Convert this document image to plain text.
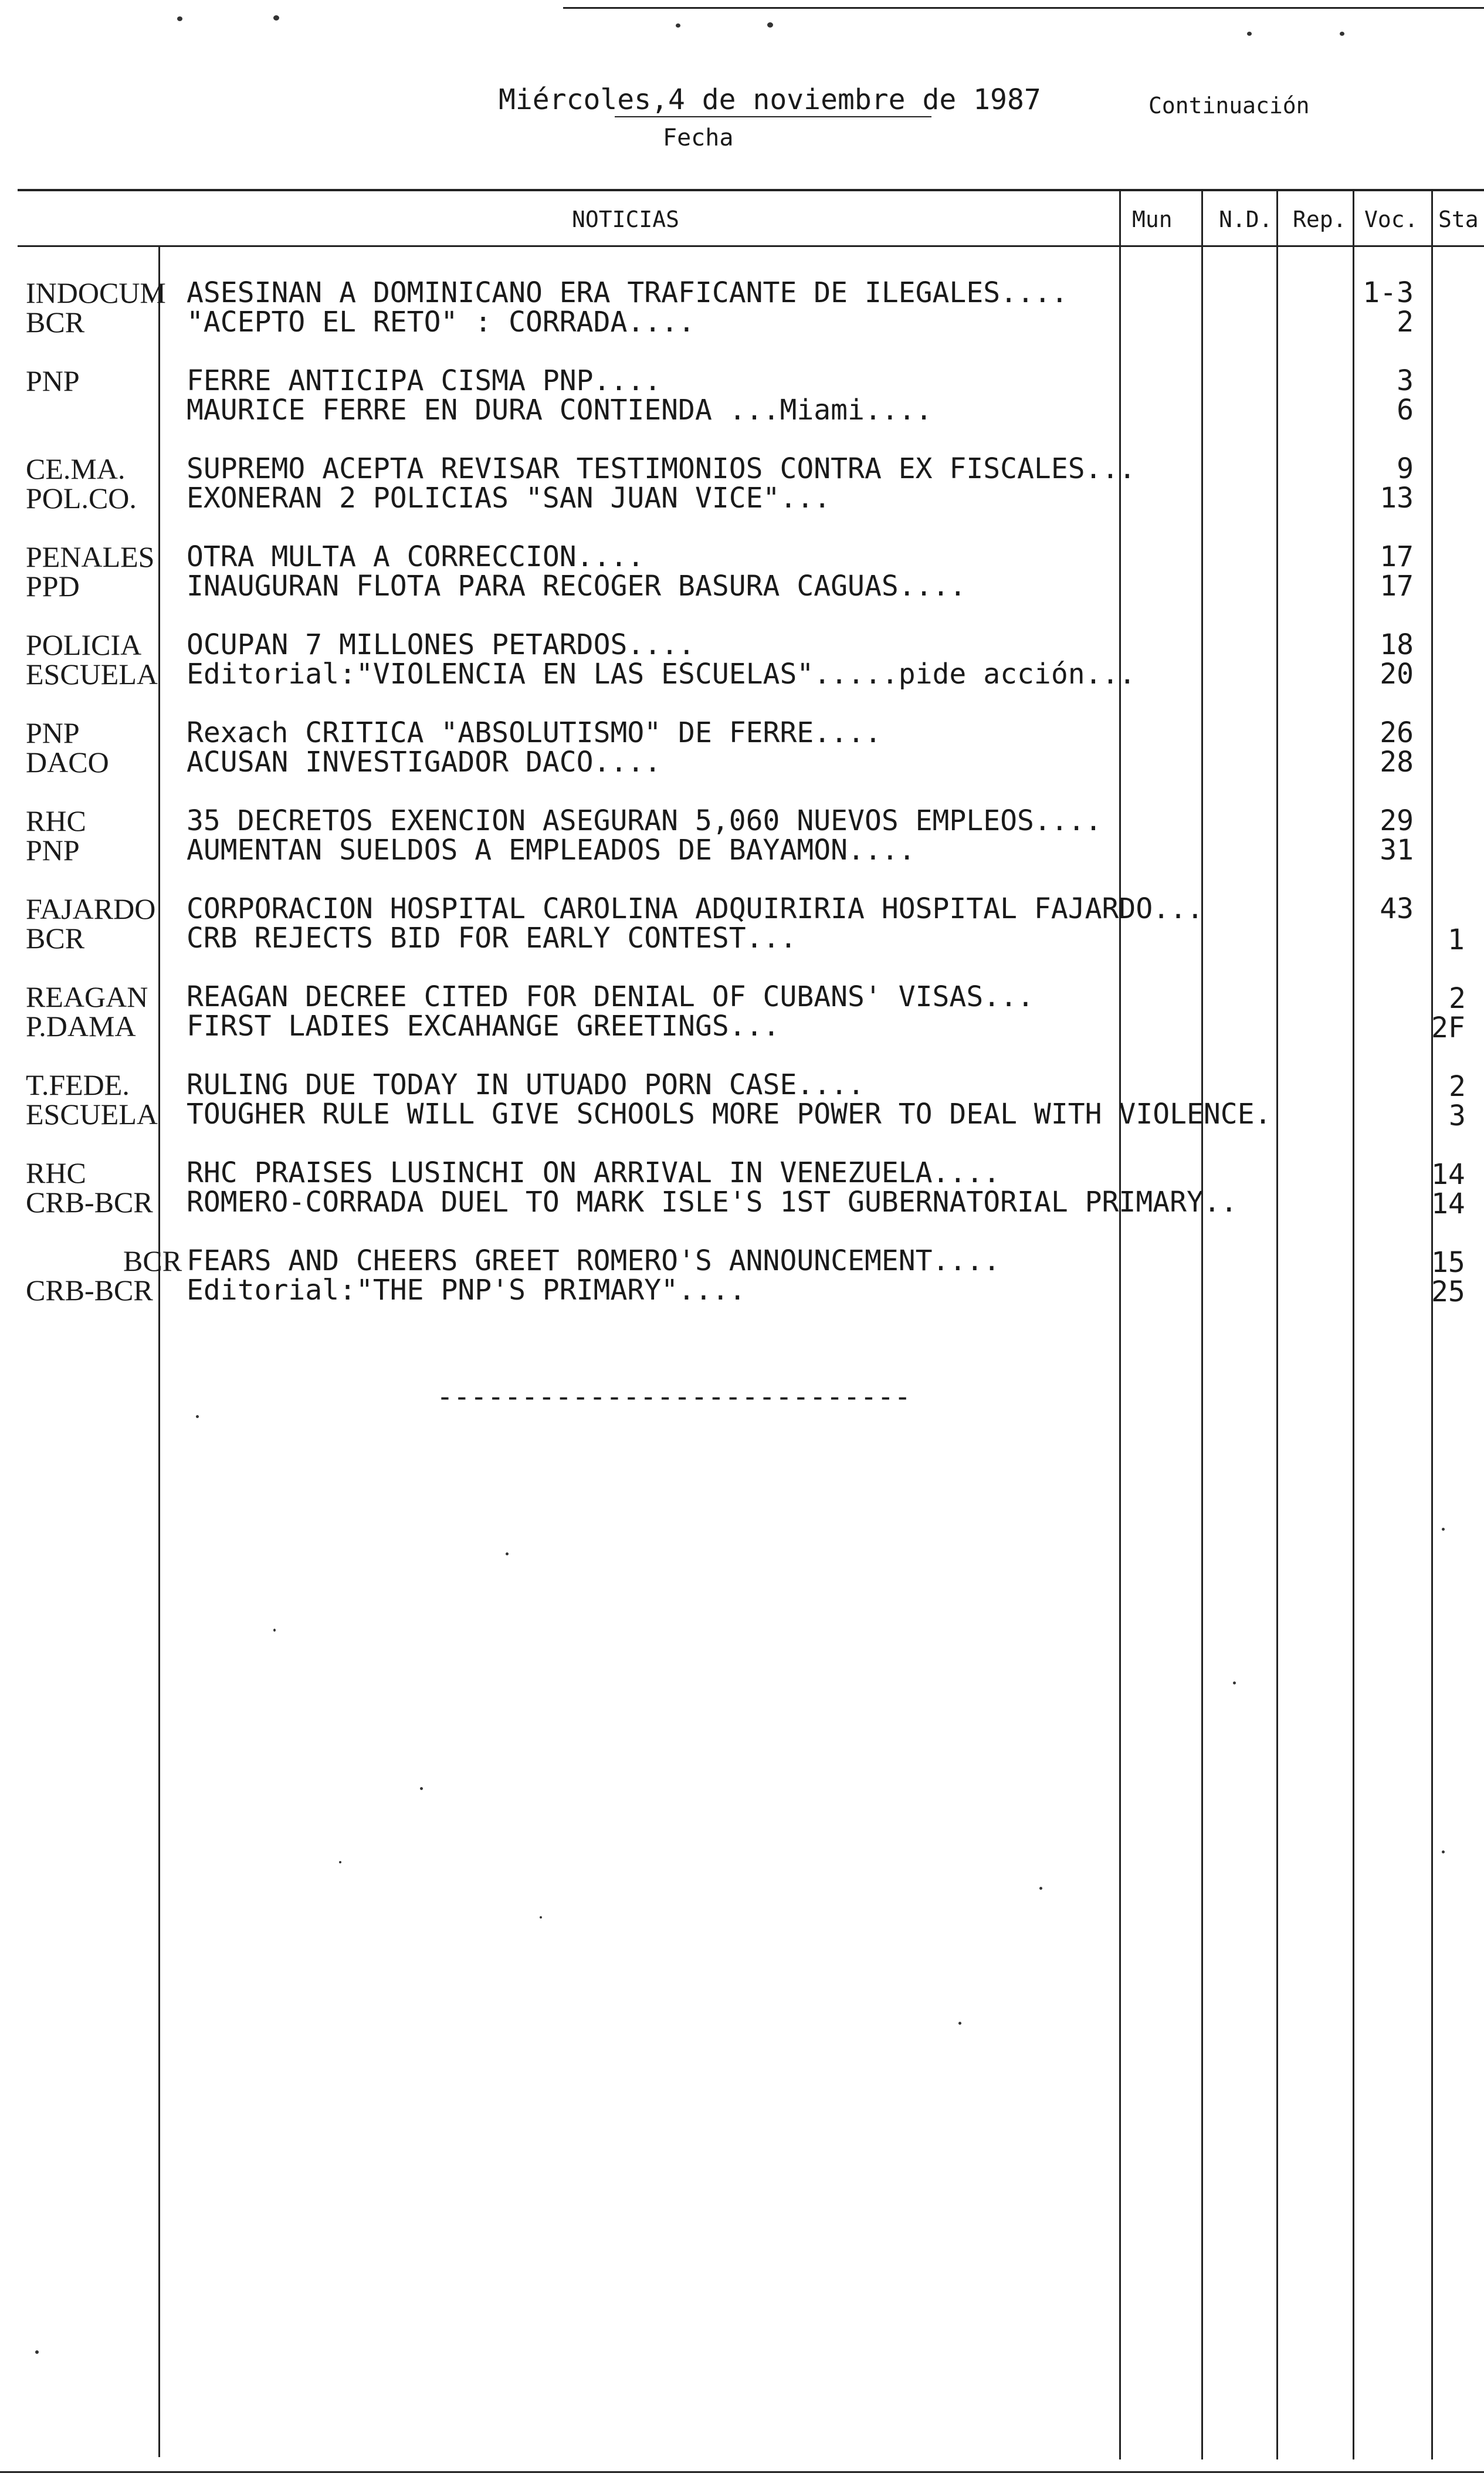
Miércoles,4 de noviembre de 1987
Fecha
Continuación
NOTICIAS	Mun N.D. Rep. Voc. Sta
INDOCUM ASESINAN A DOMINICANO ERA TRAFICANTE DE ILEGALES....	1-3
BCR	"ACEPTO EL RETO" : CORRADA....	2
PNP	FERRE ANTICIPA CISMA PNP....	3
MAURICE FERRE EN DURA CONTIENDA ...Miami....	6
CE.MA. SUPREMO ACEPTA REVISAR TESTIMONIOS CONTRA EX FISCALES...	9
POL.CO. EXONERAN 2 POLICIAS "SAN JUAN VICE"...	13
PENALES OTRA MULTA A CORRECCION....	17
PPD	INAUGURAN FLOTA PARA RECOGER BASURA CAGUAS....	17
POLICIA OCUPAN 7 MILLONES PETARDOS....	18
ESCUELA Editorial:"VIOLENCIA EN LAS ESCUELAS".....pide acción...	20
PNP	Rexach CRITICA "ABSOLUTISMO" DE FERRE....	26
DACO	ACUSAN INVESTIGADOR DACO....	28
RHC	35 DECRETOS EXENCION ASEGURAN 5,060 NUEVOS EMPLEOS....	29
PNP	AUMENTAN SUELDOS A EMPLEADOS DE BAYAMON....	31
FAJARDO CORPORACION HOSPITAL CAROLINA ADQUIRIRIA HOSPITAL FAJARDO...	43
BCR	CRB REJECTS BID FOR EARLY CONTEST...	1
REAGAN REAGAN DECREE CITED FOR DENIAL OF CUBANS' VISAS...	2
P.DAMA FIRST LADIES EXCAHANGE GREETINGS...	2F
T.FEDE. RULING DUE TODAY IN UTUADO PORN CASE....	2
ESCUELA TOUGHER RULE WILL GIVE SCHOOLS MORE POWER TO DEAL WITH VIOLENCE.	3
RHC	RHC PRAISES LUSINCHI ON ARRIVAL IN VENEZUELA....	14
CRB-BCR ROMERO-CORRADA DUEL TO MARK ISLE'S 1ST GUBERNATORIAL PRIMARY..	14
BCR FEARS AND CHEERS GREET ROMERO'S ANNOUNCEMENT....	15
CRB-BCR Editorial:"THE PNP'S PRIMARY"....	25
----------------------------
